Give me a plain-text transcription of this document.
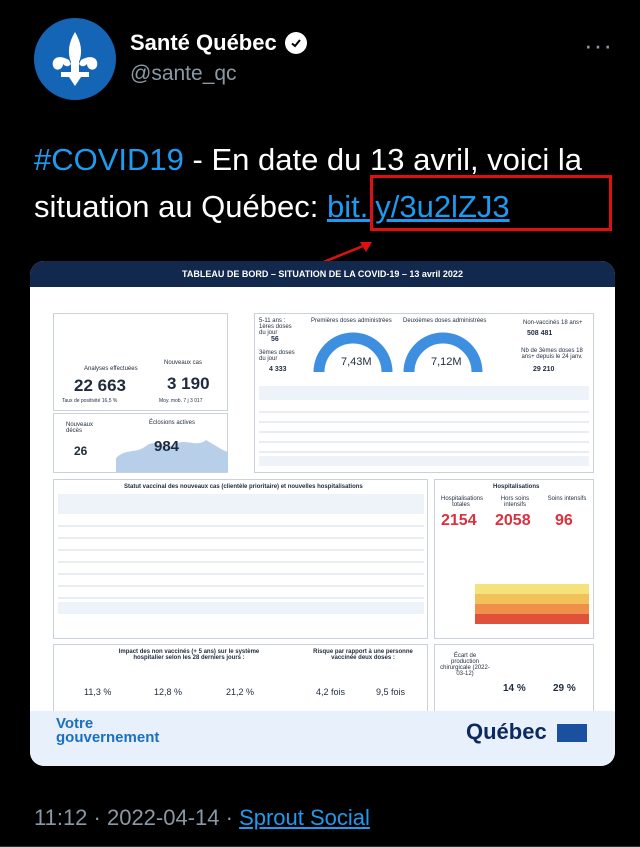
Santé Québec
@sante_qc
···
#COVID19 - En date du 13 avril, voici la situation au Québec: bit.ly/3u2lZJ3
TABLEAU DE BORD – SITUATION DE LA COVID-19 – 13 avril 2022
Analyses effectuées
22 663
Nouveaux cas
3 190
Taux de positivité 16,5 %	Moy. mob. 7 j 3 017
Nouveaux décès
26
Éclosions actives
984
5-11 ans : 1ères doses du jour
56
3èmes doses du jour
4 333
Premières doses administrées
7,43M
Deuxièmes doses administrées
7,12M
Non-vaccinés 18 ans+
508 481
Nb de 3èmes doses 18 ans+ depuis le 24 janv.
29 210
Statut vaccinal des nouveaux cas (clientèle prioritaire) et nouvelles hospitalisations	Hospitalisations
Hospitalisations totales
Hors soins intensifs
Soins intensifs
2154 2058 96
Impact des non vaccinés (+ 5 ans) sur le système hospitalier selon les 28 derniers jours :
11,3 %	12,8 %	21,2 %
Risque par rapport à une personne vaccinée deux doses :
4,2 fois	9,5 fois
Écart de production chirurgicale (2022-03-12)
14 %	29 %
Votre
gouvernement	Québec
11:12 · 2022-04-14 · Sprout Social
